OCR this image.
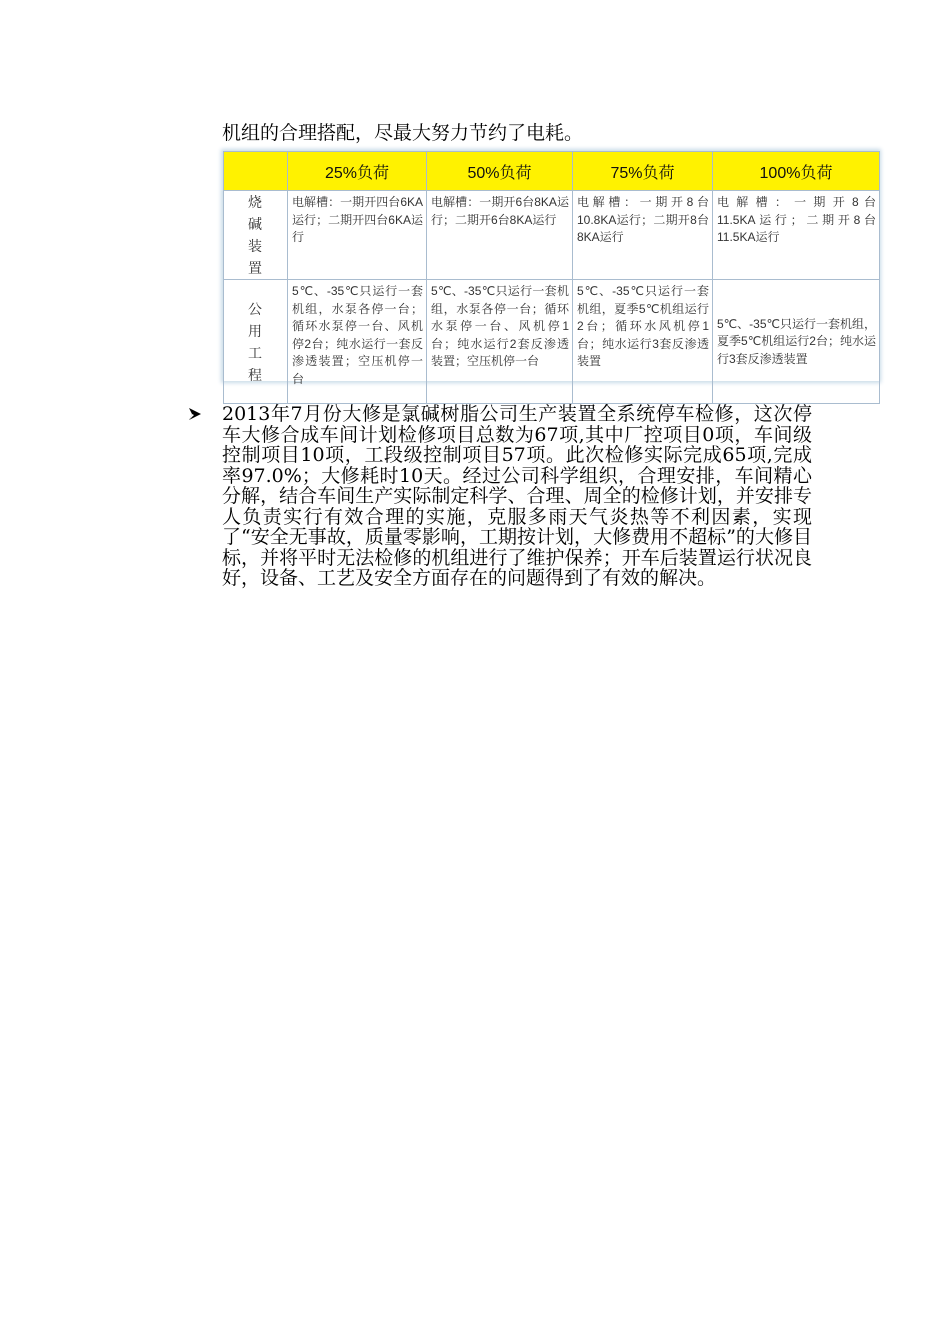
机组的合理搭配，尽最大努力节约了电耗。
	25%负荷	50%负荷	75%负荷	100%负荷
烧碱装置	电解槽：一期开四台6KA运行；二期开四台6KA运行	电解槽：一期开6台8KA运行；二期开6台8KA运行	电解槽：一期开8台10.8KA运行；二期开8台8KA运行	电 解 槽 ： 一 期 开 8 台11.5KA运行；二期开8台11.5KA运行
公用工程	5℃、-35℃只运行一套机组，水泵各停一台；循环水泵停一台、风机停2台；纯水运行一套反渗透装置；空压机停一台	5℃、-35℃只运行一套机组，水泵各停一台；循环水泵停一台、风机停1台；纯水运行2套反渗透装置；空压机停一台	5℃、-35℃只运行一套机组，夏季5℃机组运行2台；循环水风机停1台；纯水运行3套反渗透装置	5℃、-35℃只运行一套机组，夏季5℃机组运行2台；纯水运行3套反渗透装置
2013年7月份大修是氯碱树脂公司生产装置全系统停车检修，这次停车大修合成车间计划检修项目总数为67项,其中厂控项目0项，车间级控制项目10项，工段级控制项目57项。此次检修实际完成65项,完成率97.0%；大修耗时10天。经过公司科学组织，合理安排，车间精心分解，结合车间生产实际制定科学、合理、周全的检修计划，并安排专人负责实行有效合理的实施，克服多雨天气炎热等不利因素，实现了“安全无事故，质量零影响，工期按计划，大修费用不超标”的大修目标，并将平时无法检修的机组进行了维护保养；开车后装置运行状况良好，设备、工艺及安全方面存在的问题得到了有效的解决。
